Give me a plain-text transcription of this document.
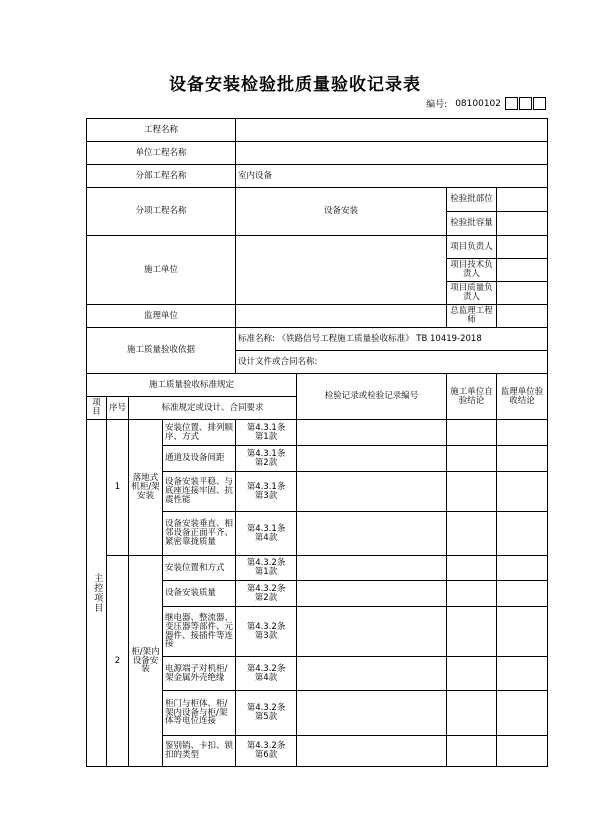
设备安装检验批质量验收记录表
编号: 08100102
工程名称							
单位工程名称							
分部工程名称				室内设备			
分项工程名称				设备安装		检验批部位	
						检验批容量	
施工单位						项目负责人	
						项目技术负责人	
						项目质量负责人	
监理单位						总监理工程师	
施工质量验收依据				标准名称: 《铁路信号工程施工质量验收标准》 TB 10419-2018			
				设计文件或合同名称:			
施工质量验收标准规定					检验记录或检验记录编号	施工单位自验结论	监理单位验收结论
项目	序号	标准规定或设计、合同要求					

主控项目	1	落地式机柜/架安装	安装位置、排列顺序、方式	第4.3.1条
第1款			

			通道及设备间距	第4.3.1条
第2款			

			设备安装平稳、与底座连接牢固、抗震性能	第4.3.1条
第3款			

			设备安装垂直、相邻设备正面平齐、紧密靠拢质量	第4.3.1条
第4款			

	2	柜/架内设备安装	安装位置和方式	第4.3.2条
第1款			

			设备安装质量	第4.3.2条
第2款			

			继电器、整流器、变压器等部件、元器件、接插件等连接	第4.3.2条
第3款			

			电源端子对机柜/架金属外壳绝缘	第4.3.2条
第4款			

			柜门与柜体、柜/架内设备与柜/架体等电位连接	第4.3.2条
第5款			

			鉴别销、卡扣、锁扣的类型	第4.3.2条
第6款			
